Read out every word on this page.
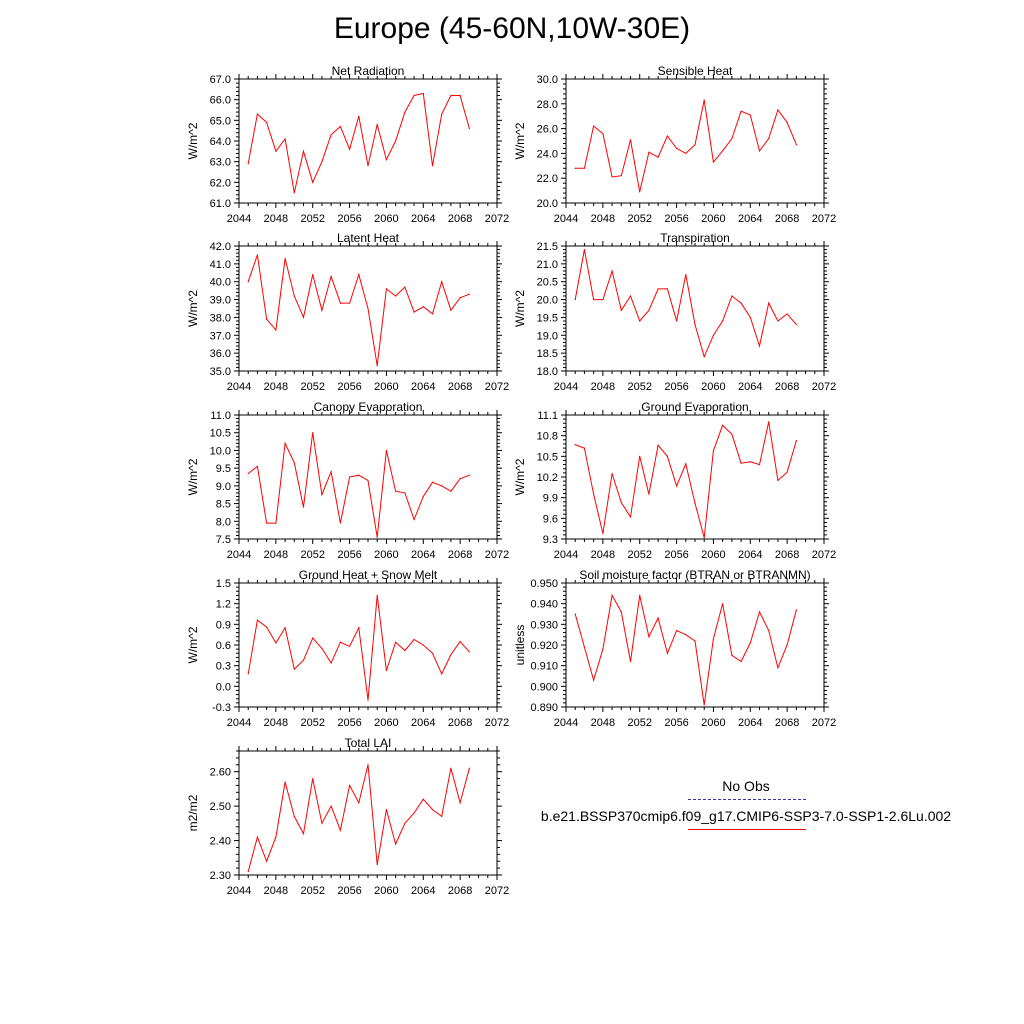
Europe (45-60N,10W-30E)
Net Radiation
W/m^2
2044 2048 2052 2056 2060 2064 2068 2072
61.0
62.0
63.0
64.0
65.0
66.0
67.0
Sensible Heat
W/m^2
2044 2048 2052 2056 2060 2064 2068 2072
20.0
22.0
24.0
26.0
28.0
30.0
Latent Heat
W/m^2
2044 2048 2052 2056 2060 2064 2068 2072
35.0
36.0
37.0
38.0
39.0
40.0
41.0
42.0
Transpiration
W/m^2
2044 2048 2052 2056 2060 2064 2068 2072
18.0
18.5
19.0
19.5
20.0
20.5
21.0
21.5
Canopy Evaporation
W/m^2
2044 2048 2052 2056 2060 2064 2068 2072
7.5
8.0
8.5
9.0
9.5
10.0
10.5
11.0
Ground Evaporation
W/m^2
2044 2048 2052 2056 2060 2064 2068 2072
9.3
9.6
9.9
10.2
10.5
10.8
11.1
Ground Heat + Snow Melt
W/m^2
2044 2048 2052 2056 2060 2064 2068 2072
-0.3
0.0
0.3
0.6
0.9
1.2
1.5
Soil moisture factor (BTRAN or BTRANMN)
unitless
2044 2048 2052 2056 2060 2064 2068 2072
0.890
0.900
0.910
0.920
0.930
0.940
0.950
Total LAI
m2/m2
2044 2048 2052 2056 2060 2064 2068 2072
2.30
2.40
2.50
2.60
No Obs
b.e21.BSSP370cmip6.f09_g17.CMIP6-SSP3-7.0-SSP1-2.6Lu.002
